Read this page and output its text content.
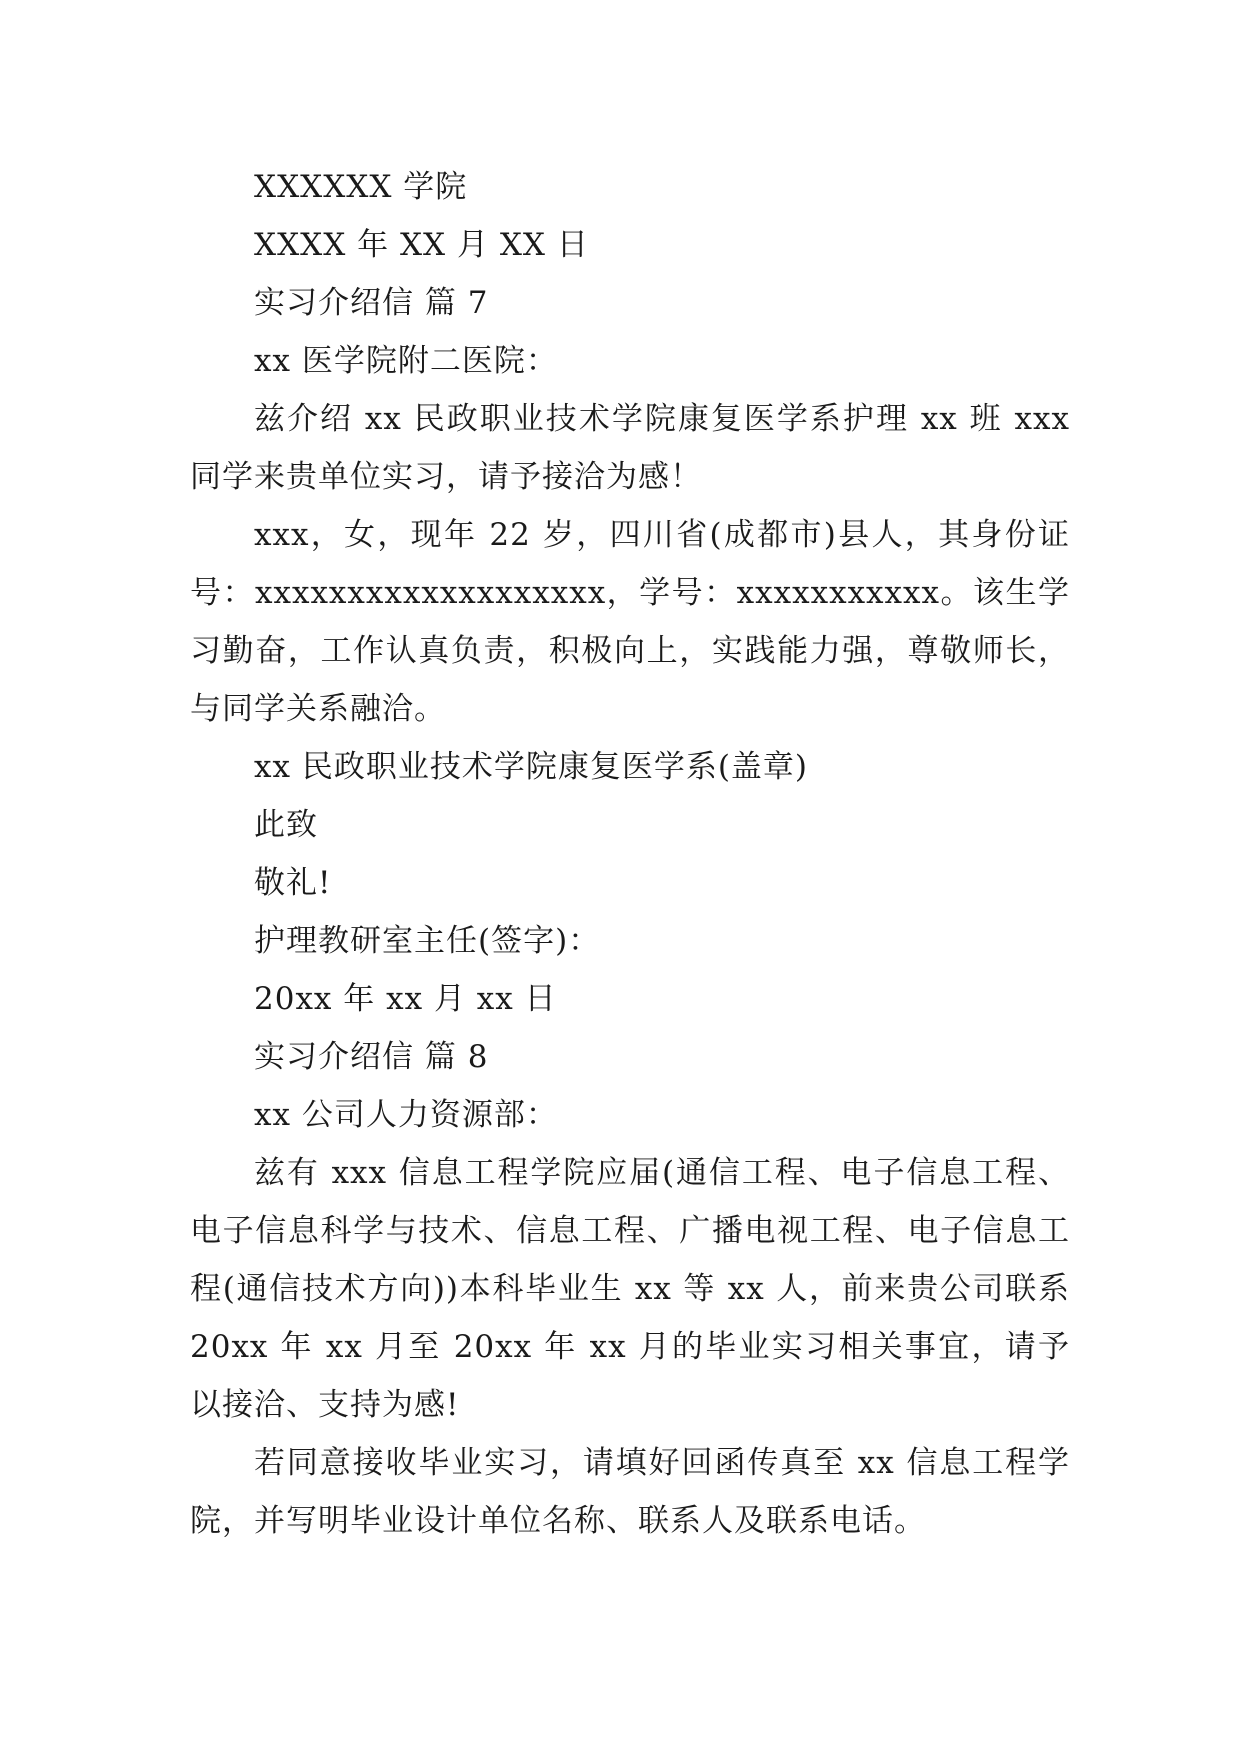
XXXXXX 学院
XXXX 年 XX 月 XX 日
实习介绍信 篇 7
xx 医学院附二医院：
兹介绍 xx 民政职业技术学院康复医学系护理 xx 班 xxx 同学来贵单位实习，请予接洽为感！
xxx，女，现年 22 岁，四川省(成都市)县人，其身份证号：xxxxxxxxxxxxxxxxxxx，学号：xxxxxxxxxxx。该生学习勤奋，工作认真负责，积极向上，实践能力强，尊敬师长，与同学关系融洽。
xx 民政职业技术学院康复医学系(盖章)
此致
敬礼!
护理教研室主任(签字)：
20xx 年 xx 月 xx 日
实习介绍信 篇 8
xx 公司人力资源部：
兹有 xxx 信息工程学院应届(通信工程、电子信息工程、电子信息科学与技术、信息工程、广播电视工程、电子信息工程(通信技术方向))本科毕业生 xx 等 xx 人，前来贵公司联系 20xx 年 xx 月至 20xx 年 xx 月的毕业实习相关事宜，请予以接洽、支持为感!
若同意接收毕业实习，请填好回函传真至 xx 信息工程学院，并写明毕业设计单位名称、联系人及联系电话。
